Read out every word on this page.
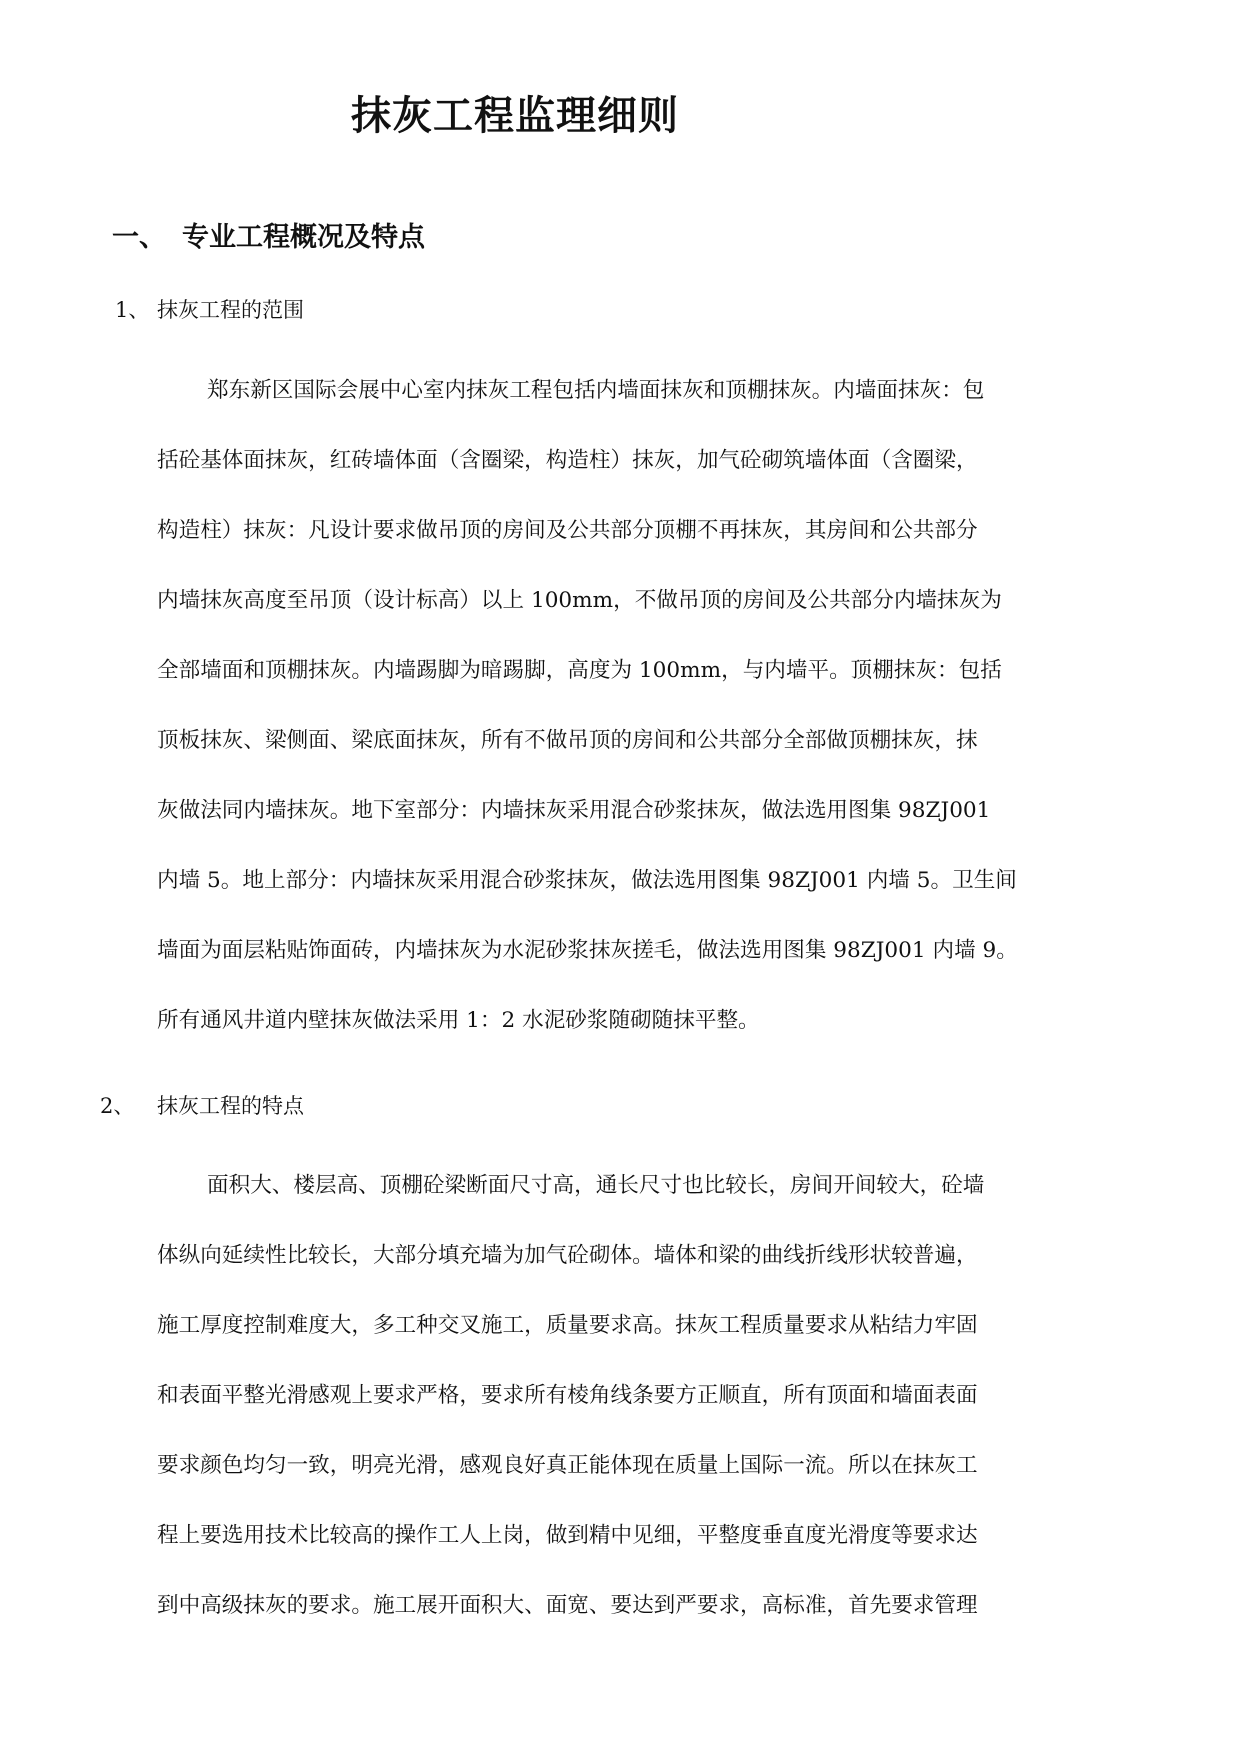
抹灰工程监理细则
一、 专业工程概况及特点
1、 抹灰工程的范围
郑东新区国际会展中心室内抹灰工程包括内墙面抹灰和顶棚抹灰。内墙面抹灰：包
括砼基体面抹灰，红砖墙体面（含圈梁，构造柱）抹灰，加气砼砌筑墙体面（含圈梁，
构造柱）抹灰：凡设计要求做吊顶的房间及公共部分顶棚不再抹灰，其房间和公共部分
内墙抹灰高度至吊顶（设计标高）以上 100mm，不做吊顶的房间及公共部分内墙抹灰为
全部墙面和顶棚抹灰。内墙踢脚为暗踢脚，高度为 100mm，与内墙平。顶棚抹灰：包括
顶板抹灰、梁侧面、梁底面抹灰，所有不做吊顶的房间和公共部分全部做顶棚抹灰，抹
灰做法同内墙抹灰。地下室部分：内墙抹灰采用混合砂浆抹灰，做法选用图集 98ZJ001
内墙 5。地上部分：内墙抹灰采用混合砂浆抹灰，做法选用图集 98ZJ001 内墙 5。卫生间
墙面为面层粘贴饰面砖，内墙抹灰为水泥砂浆抹灰搓毛，做法选用图集 98ZJ001 内墙 9。
所有通风井道内壁抹灰做法采用 1：2 水泥砂浆随砌随抹平整。
2、 抹灰工程的特点
面积大、楼层高、顶棚砼梁断面尺寸高，通长尺寸也比较长，房间开间较大，砼墙
体纵向延续性比较长，大部分填充墙为加气砼砌体。墙体和梁的曲线折线形状较普遍，
施工厚度控制难度大，多工种交叉施工，质量要求高。抹灰工程质量要求从粘结力牢固
和表面平整光滑感观上要求严格，要求所有棱角线条要方正顺直，所有顶面和墙面表面
要求颜色均匀一致，明亮光滑，感观良好真正能体现在质量上国际一流。所以在抹灰工
程上要选用技术比较高的操作工人上岗，做到精中见细，平整度垂直度光滑度等要求达
到中高级抹灰的要求。施工展开面积大、面宽、要达到严要求，高标准，首先要求管理
